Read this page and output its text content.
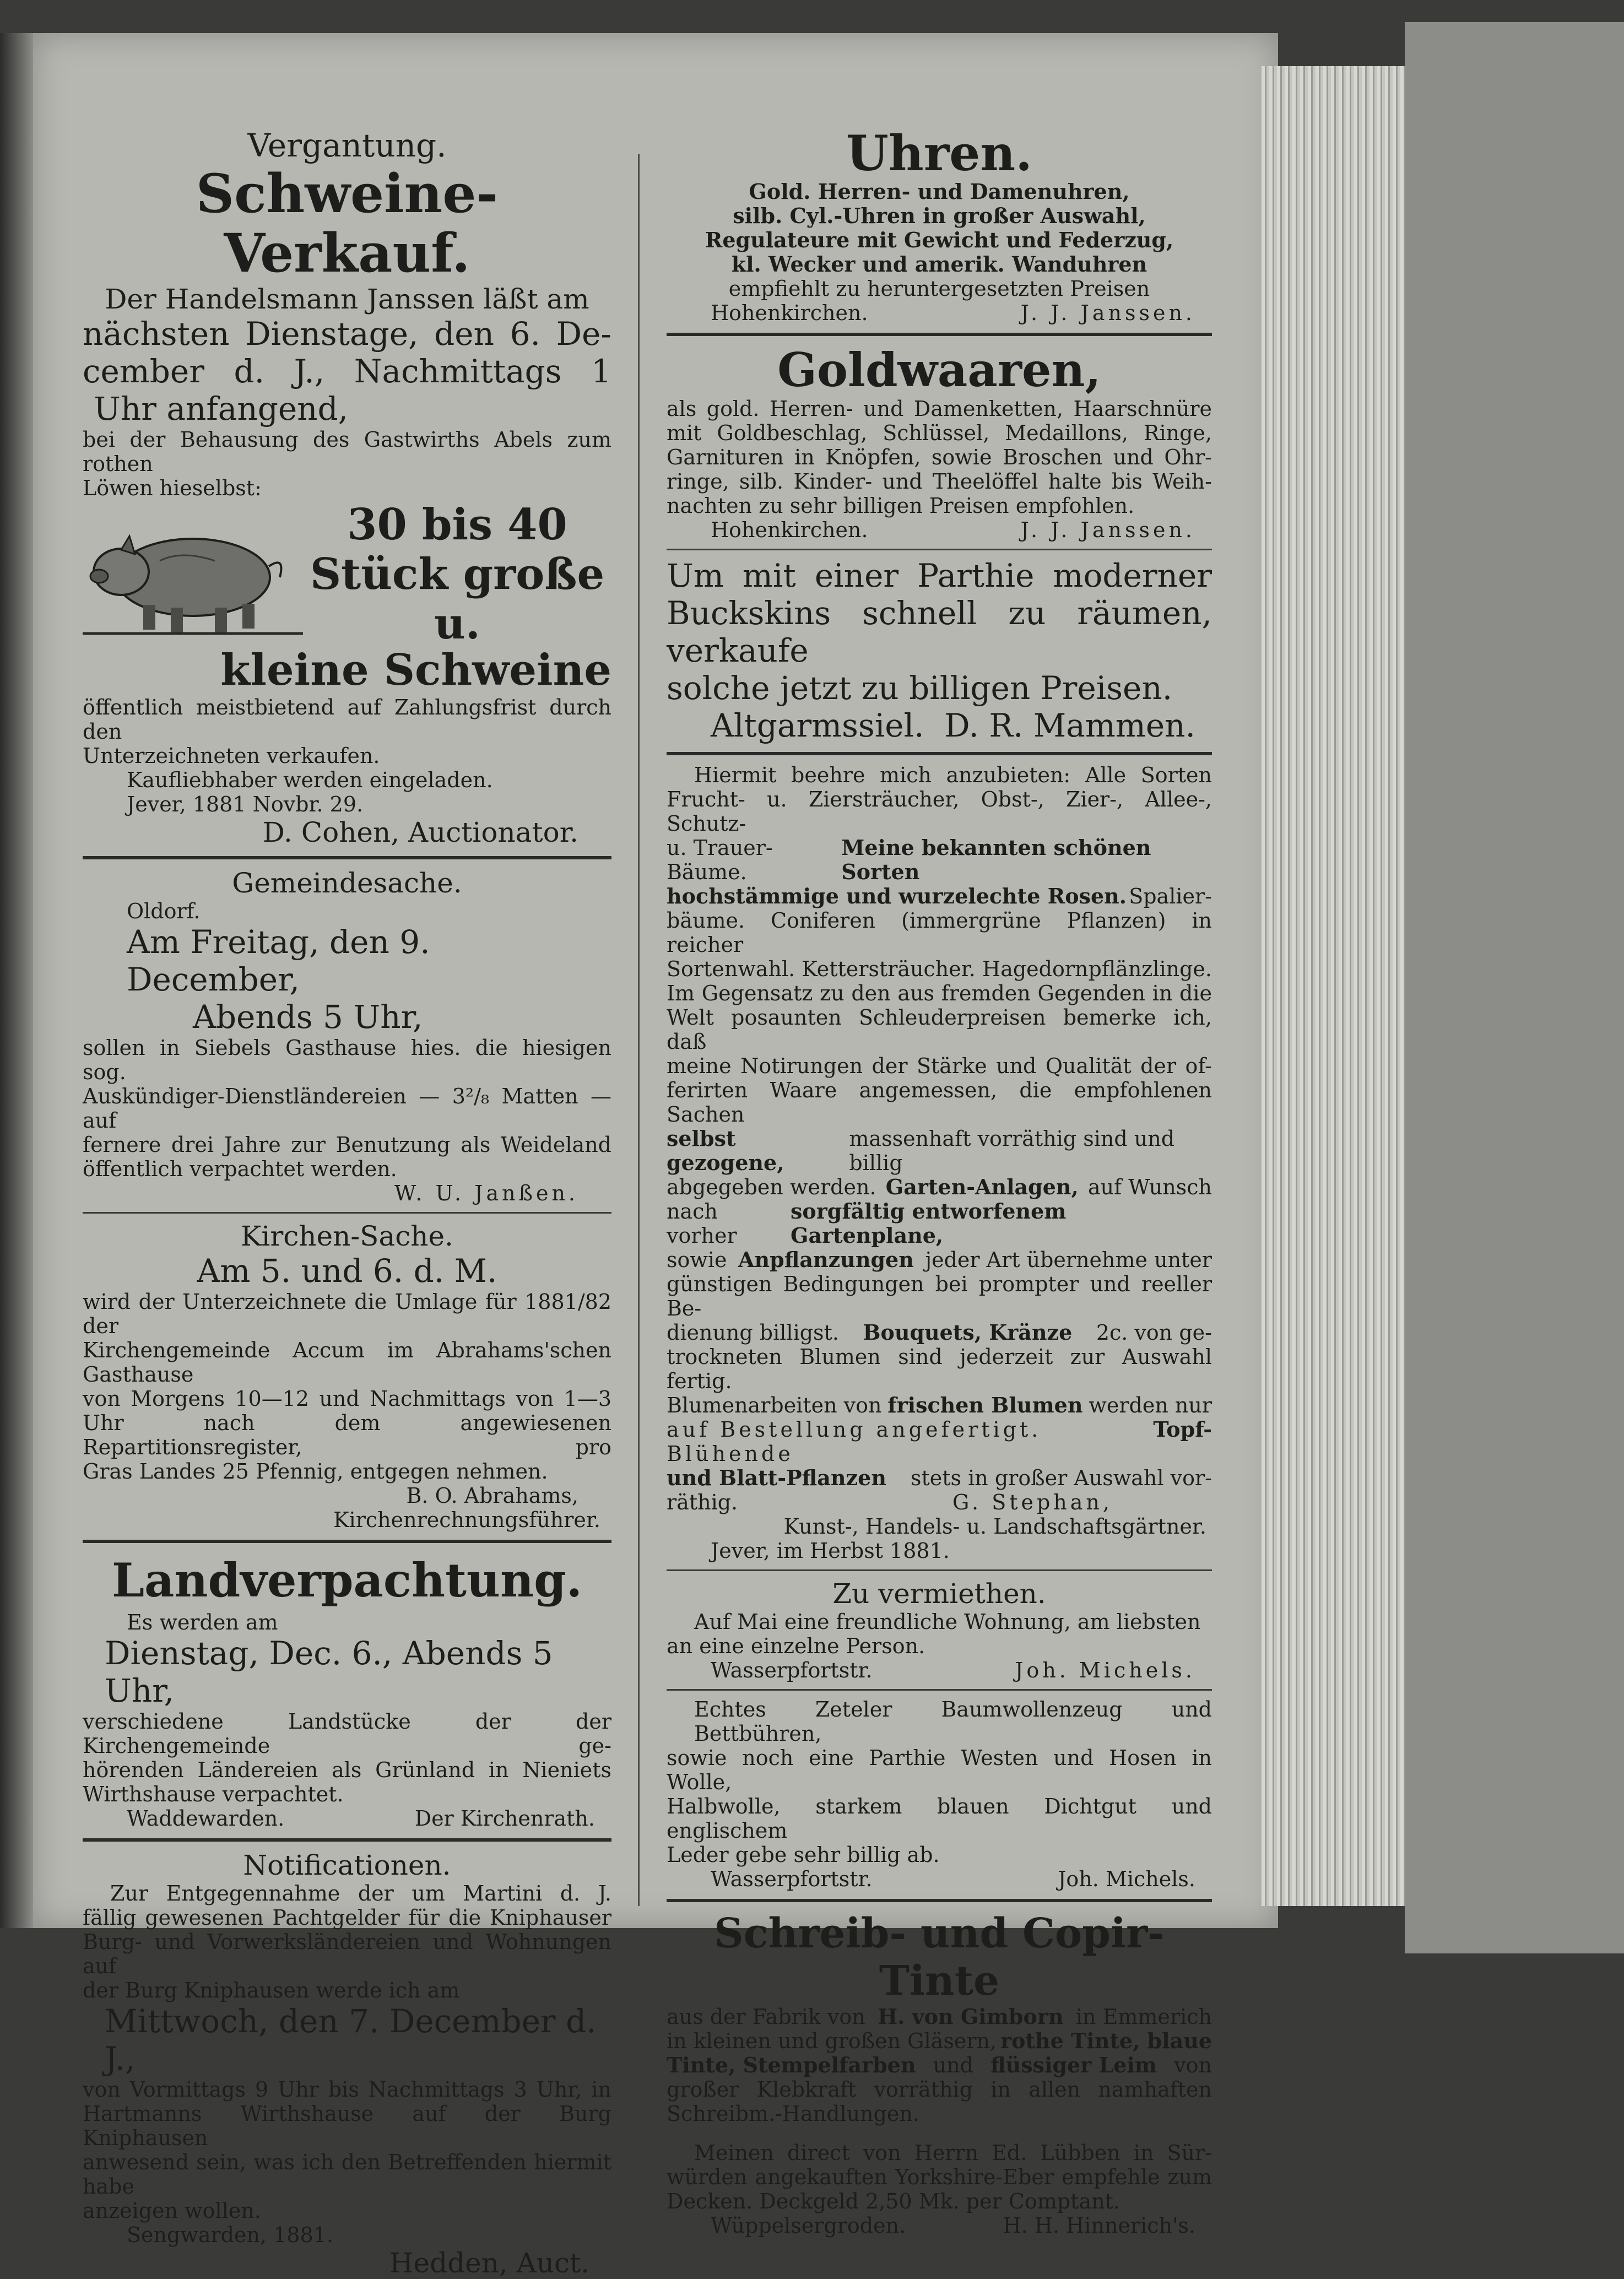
Vergantung.
Schweine-Verkauf.
Der Handelsmann Janssen läßt am
nächsten Dienstage, den 6. De-
cember d. J., Nachmittags 1
Uhr anfangend,
bei der Behausung des Gastwirths Abels zum rothen
Löwen hieselbst:
30 bis 40
Stück große u.
kleine Schweine
öffentlich meistbietend auf Zahlungsfrist durch den
Unterzeichneten verkaufen.
Kaufliebhaber werden eingeladen.
Jever, 1881 Novbr. 29.
D. Cohen, Auctionator.
Gemeindesache.
Oldorf.
Am Freitag, den 9. December,
Abends 5 Uhr,
sollen in Siebels Gasthause hies. die hiesigen sog.
Auskündiger-Dienstländereien — 3²/₈ Matten — auf
fernere drei Jahre zur Benutzung als Weideland
öffentlich verpachtet werden.
W. U. Janßen.
Kirchen-Sache.
Am 5. und 6. d. M.
wird der Unterzeichnete die Umlage für 1881/82 der
Kirchengemeinde Accum im Abrahams'schen Gasthause
von Morgens 10—12 und Nachmittags von 1—3
Uhr nach dem angewiesenen Repartitionsregister, pro
Gras Landes 25 Pfennig, entgegen nehmen.
B. O. Abrahams,
Kirchenrechnungsführer.
Landverpachtung.
Es werden am
Dienstag, Dec. 6., Abends 5 Uhr,
verschiedene Landstücke der der Kirchengemeinde ge-
hörenden Ländereien als Grünland in Nieniets
Wirthshause verpachtet.
Waddewarden.	Der Kirchenrath.
Notificationen.
Zur Entgegennahme der um Martini d. J.
fällig gewesenen Pachtgelder für die Kniphauser
Burg- und Vorwerksländereien und Wohnungen auf
der Burg Kniphausen werde ich am
Mittwoch, den 7. December d. J.,
von Vormittags 9 Uhr bis Nachmittags 3 Uhr, in
Hartmanns Wirthshause auf der Burg Kniphausen
anwesend sein, was ich den Betreffenden hiermit habe
anzeigen wollen.
Sengwarden, 1881.
Hedden, Auct.
Uhren.
Gold. Herren- und Damenuhren,
silb. Cyl.-Uhren in großer Auswahl,
Regulateure mit Gewicht und Federzug,
kl. Wecker und amerik. Wanduhren
empfiehlt zu heruntergesetzten Preisen
Hohenkirchen.	J. J. Janssen.
Goldwaaren,
als gold. Herren- und Damenketten, Haarschnüre
mit Goldbeschlag, Schlüssel, Medaillons, Ringe,
Garnituren in Knöpfen, sowie Broschen und Ohr-
ringe, silb. Kinder- und Theelöffel halte bis Weih-
nachten zu sehr billigen Preisen empfohlen.
Hohenkirchen.	J. J. Janssen.
Um mit einer Parthie moderner
Buckskins schnell zu räumen, verkaufe
solche jetzt zu billigen Preisen.
Altgarmssiel. D. R. Mammen.
Hiermit beehre mich anzubieten: Alle Sorten
Frucht- u. Ziersträucher, Obst-, Zier-, Allee-, Schutz-
u. Trauer-Bäume.
Meine bekannten schönen Sorten
hochstämmige und wurzelechte Rosen. Spalier-
bäume. Coniferen (immergrüne Pflanzen) in reicher
Sortenwahl. Kettersträucher. Hagedornpflänzlinge.
Im Gegensatz zu den aus fremden Gegenden in die
Welt posaunten Schleuderpreisen bemerke ich, daß
meine Notirungen der Stärke und Qualität der of-
ferirten Waare angemessen, die empfohlenen Sachen
selbst gezogene,
massenhaft vorräthig sind und billig
abgegeben werden. Garten-Anlagen, auf Wunsch
nach vorher
sorgfältig entworfenem Gartenplane,
sowie Anpflanzungen jeder Art übernehme unter
günstigen Bedingungen bei prompter und reeller Be-
dienung billigst. Bouquets, Kränze 2c. von ge-
trockneten Blumen sind jederzeit zur Auswahl fertig.
Blumenarbeiten von frischen Blumen werden nur
auf Bestellung angefertigt. Blühende
Topf-
und Blatt-Pflanzen stets in großer Auswahl vor-
räthig.	G. Stephan,
Kunst-, Handels- u. Landschaftsgärtner.
Jever, im Herbst 1881.
Zu vermiethen.
Auf Mai eine freundliche Wohnung, am liebsten
an eine einzelne Person.
Wasserpfortstr.	Joh. Michels.
Echtes Zeteler Baumwollenzeug und Bettbühren,
sowie noch eine Parthie Westen und Hosen in Wolle,
Halbwolle, starkem blauen Dichtgut und englischem
Leder gebe sehr billig ab.
Wasserpfortstr.	Joh. Michels.
Schreib- und Copir-Tinte
aus der Fabrik von H. von Gimborn in Emmerich
in kleinen und großen Gläsern, rothe Tinte, blaue
Tinte, Stempelfarben und flüssiger Leim von
großer Klebkraft vorräthig in allen namhaften
Schreibm.-Handlungen.
Meinen direct von Herrn Ed. Lübben in Sür-
würden angekauften Yorkshire-Eber empfehle zum
Decken. Deckgeld 2,50 Mk. per Comptant.
Wüppelsergroden.	H. H. Hinnerich's.
